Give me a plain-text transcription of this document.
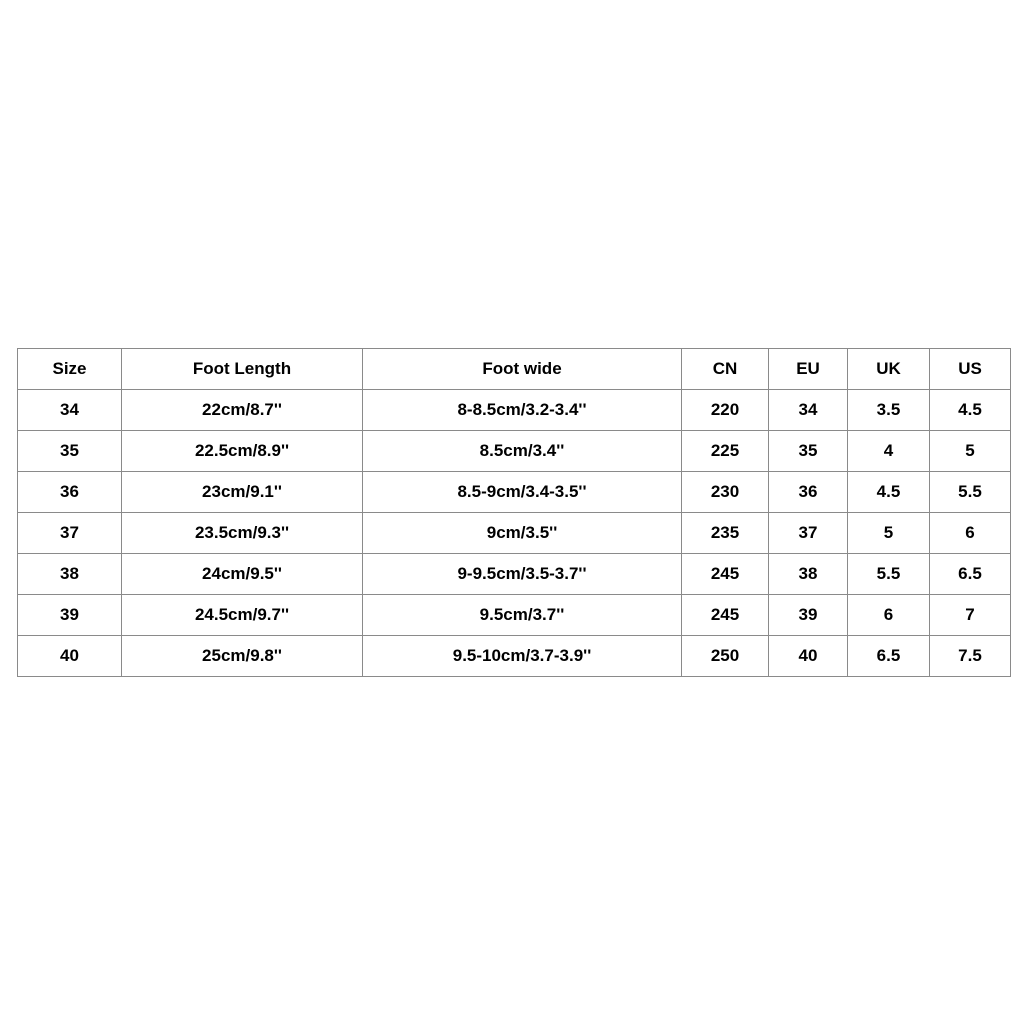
Size	Foot Length	Foot wide	CN	EU	UK	US
34	22cm/8.7''	8-8.5cm/3.2-3.4''	220	34	3.5	4.5
35	22.5cm/8.9''	8.5cm/3.4''	225	35	4	5
36	23cm/9.1''	8.5-9cm/3.4-3.5''	230	36	4.5	5.5
37	23.5cm/9.3''	9cm/3.5''	235	37	5	6
38	24cm/9.5''	9-9.5cm/3.5-3.7''	245	38	5.5	6.5
39	24.5cm/9.7''	9.5cm/3.7''	245	39	6	7
40	25cm/9.8''	9.5-10cm/3.7-3.9''	250	40	6.5	7.5
